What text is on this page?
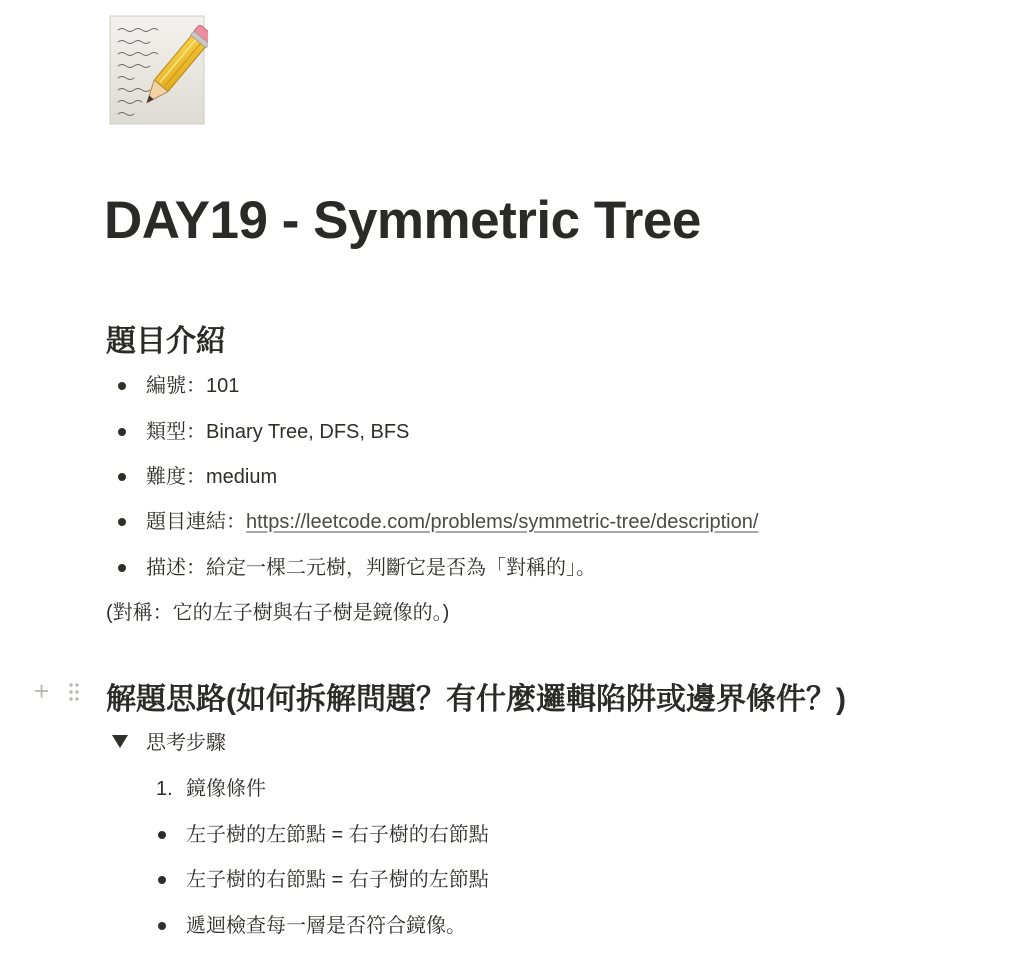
DAY19 - Symmetric Tree
題目介紹
編號：101
類型：Binary Tree, DFS, BFS
難度：medium
題目連結：https://leetcode.com/problems/symmetric-tree/description/
描述：給定一棵二元樹，判斷它是否為「對稱的」。
(對稱：它的左子樹與右子樹是鏡像的。)
+ 解題思路(如何拆解問題？有什麼邏輯陷阱或邊界條件？)
思考步驟
1. 鏡像條件
左子樹的左節點 = 右子樹的右節點
左子樹的右節點 = 右子樹的左節點
遞迴檢查每一層是否符合鏡像。
